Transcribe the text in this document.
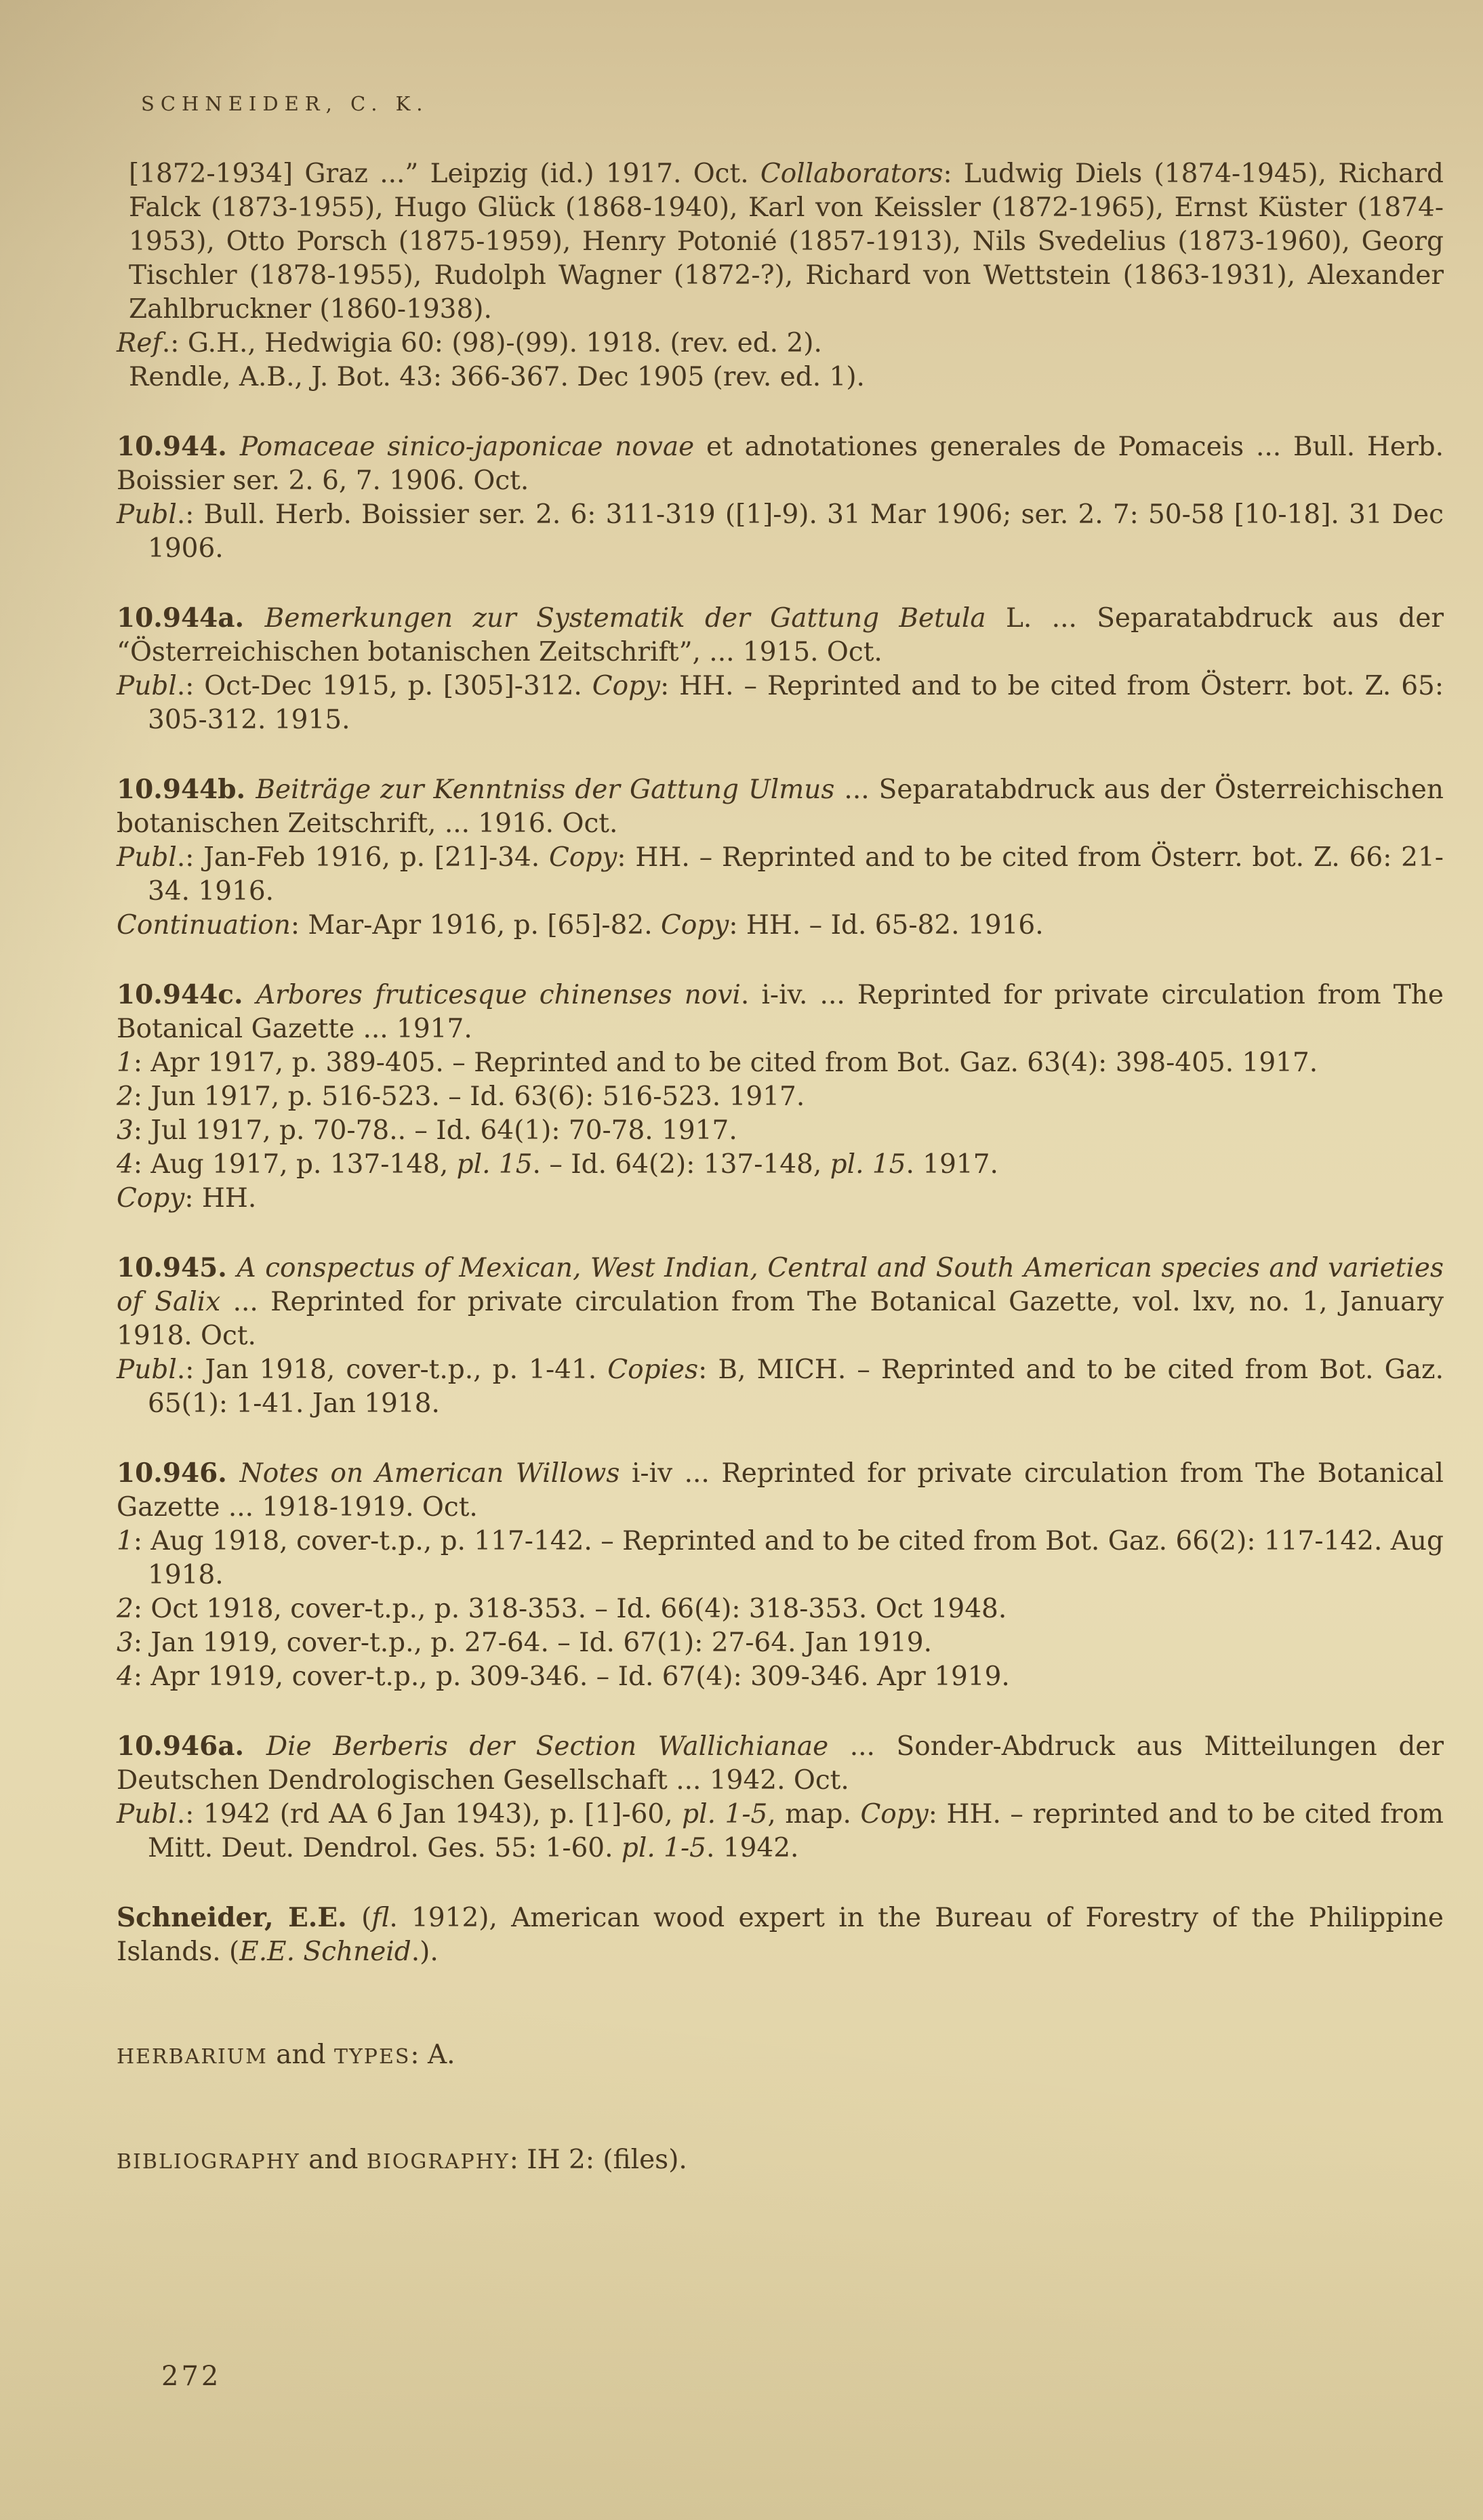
SCHNEIDER, C. K.

[1872-1934] Graz ...” Leipzig (id.) 1917. Oct. Collaborators: Ludwig Diels (1874-1945), Richard Falck (1873-1955), Hugo Glück (1868-1940), Karl von Keissler (1872-1965), Ernst Küster (1874-1953), Otto Porsch (1875-1959), Henry Potonié (1857-1913), Nils Svedelius (1873-1960), Georg Tischler (1878-1955), Rudolph Wagner (1872-?), Richard von Wettstein (1863-1931), Alexander Zahlbruckner (1860-1938).

Ref.: G.H., Hedwigia 60: (98)-(99). 1918. (rev. ed. 2).

Rendle, A.B., J. Bot. 43: 366-367. Dec 1905 (rev. ed. 1).

10.944. Pomaceae sinico-japonicae novae et adnotationes generales de Pomaceis ... Bull. Herb. Boissier ser. 2. 6, 7. 1906. Oct.

Publ.: Bull. Herb. Boissier ser. 2. 6: 311-319 ([1]-9). 31 Mar 1906; ser. 2. 7: 50-58 [10-18]. 31 Dec 1906.

10.944a. Bemerkungen zur Systematik der Gattung Betula L. ... Separatabdruck aus der “Österreichischen botanischen Zeitschrift”, ... 1915. Oct.

Publ.: Oct-Dec 1915, p. [305]-312. Copy: HH. – Reprinted and to be cited from Österr. bot. Z. 65: 305-312. 1915.

10.944b. Beiträge zur Kenntniss der Gattung Ulmus ... Separatabdruck aus der Österreichischen botanischen Zeitschrift, ... 1916. Oct.

Publ.: Jan-Feb 1916, p. [21]-34. Copy: HH. – Reprinted and to be cited from Österr. bot. Z. 66: 21-34. 1916.

Continuation: Mar-Apr 1916, p. [65]-82. Copy: HH. – Id. 65-82. 1916.

10.944c. Arbores fruticesque chinenses novi. i-iv. ... Reprinted for private circulation from The Botanical Gazette ... 1917.

1: Apr 1917, p. 389-405. – Reprinted and to be cited from Bot. Gaz. 63(4): 398-405. 1917.

2: Jun 1917, p. 516-523. – Id. 63(6): 516-523. 1917.

3: Jul 1917, p. 70-78.. – Id. 64(1): 70-78. 1917.

4: Aug 1917, p. 137-148, pl. 15. – Id. 64(2): 137-148, pl. 15. 1917.

Copy: HH.

10.945. A conspectus of Mexican, West Indian, Central and South American species and varieties of Salix ... Reprinted for private circulation from The Botanical Gazette, vol. lxv, no. 1, January 1918. Oct.

Publ.: Jan 1918, cover-t.p., p. 1-41. Copies: B, MICH. – Reprinted and to be cited from Bot. Gaz. 65(1): 1-41. Jan 1918.

10.946. Notes on American Willows i-iv ... Reprinted for private circulation from The Botanical Gazette ... 1918-1919. Oct.

1: Aug 1918, cover-t.p., p. 117-142. – Reprinted and to be cited from Bot. Gaz. 66(2): 117-142. Aug 1918.

2: Oct 1918, cover-t.p., p. 318-353. – Id. 66(4): 318-353. Oct 1948.

3: Jan 1919, cover-t.p., p. 27-64. – Id. 67(1): 27-64. Jan 1919.

4: Apr 1919, cover-t.p., p. 309-346. – Id. 67(4): 309-346. Apr 1919.

10.946a. Die Berberis der Section Wallichianae ... Sonder-Abdruck aus Mitteilungen der Deutschen Dendrologischen Gesellschaft ... 1942. Oct.

Publ.: 1942 (rd AA 6 Jan 1943), p. [1]-60, pl. 1-5, map. Copy: HH. – reprinted and to be cited from Mitt. Deut. Dendrol. Ges. 55: 1-60. pl. 1-5. 1942.

Schneider, E.E. (fl. 1912), American wood expert in the Bureau of Forestry of the Philippine Islands. (E.E. Schneid.).

HERBARIUM and TYPES: A.

BIBLIOGRAPHY and BIOGRAPHY: IH 2: (files).

272
